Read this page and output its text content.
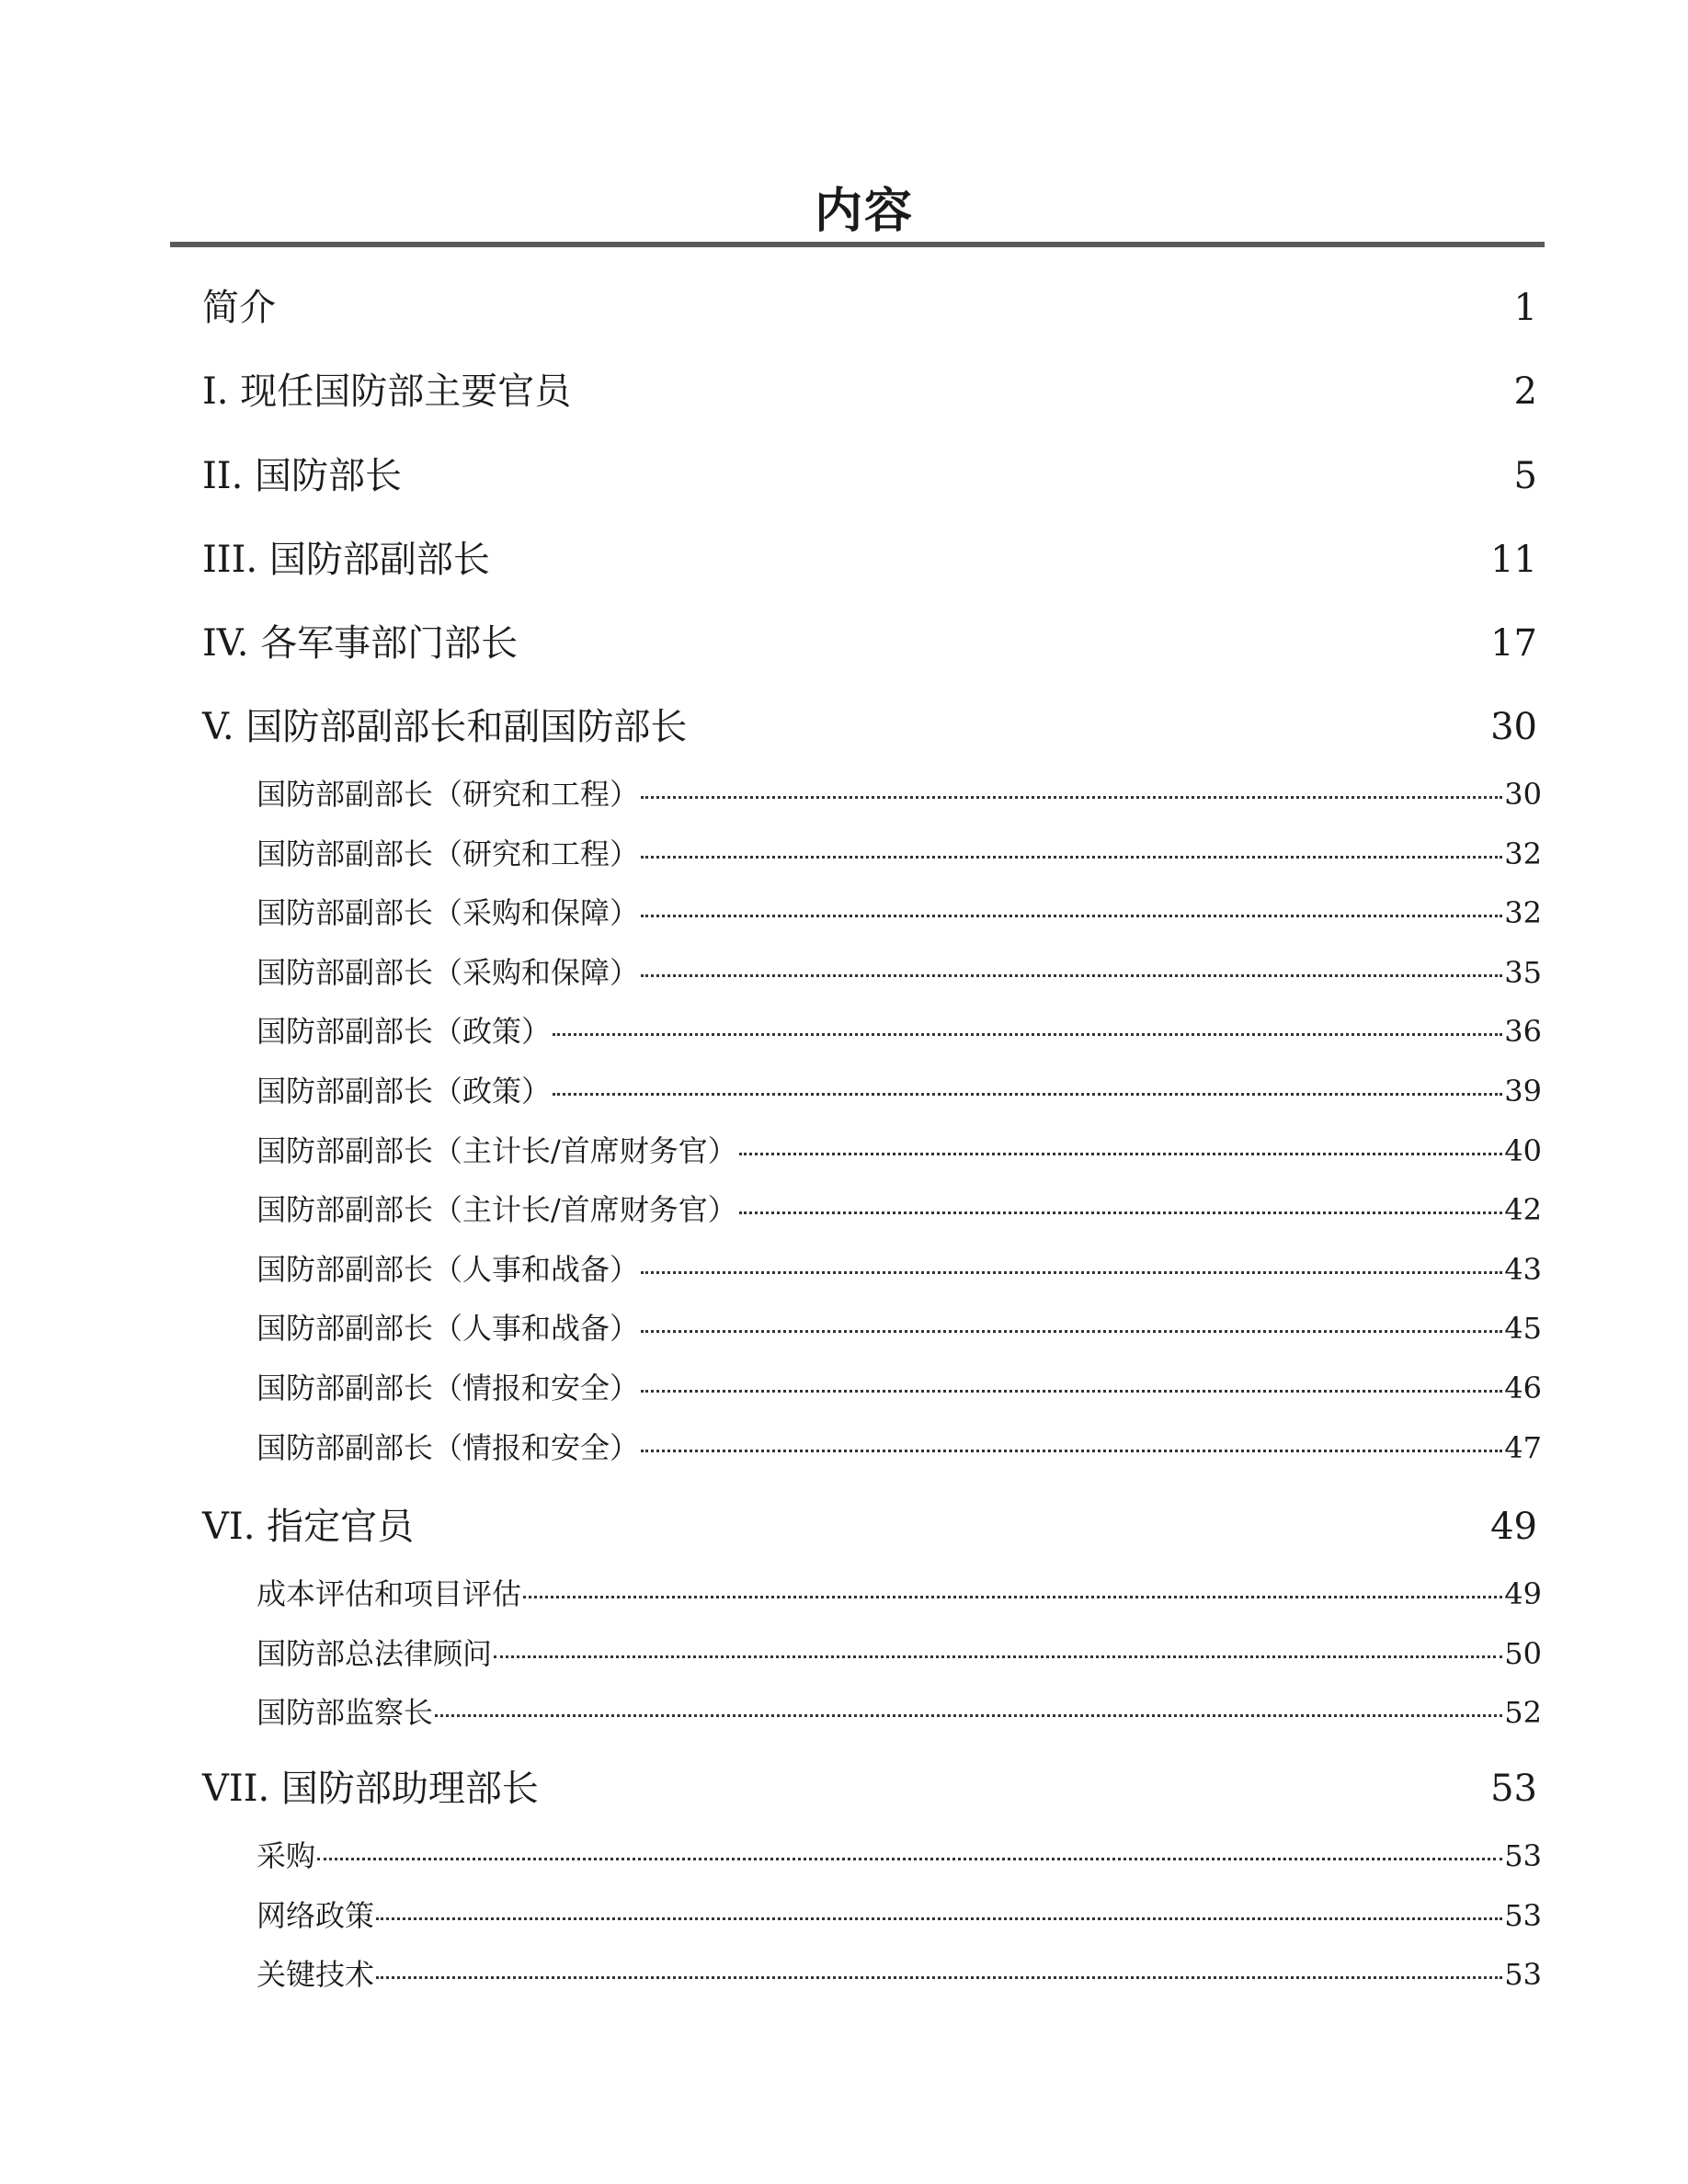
内容
简介	1
I. 现任国防部主要官员	2
II. 国防部长	5
III. 国防部副部长	11
IV. 各军事部门部长	17
V. 国防部副部长和副国防部长	30
国防部副部长（研究和工程）	30
国防部副部长（研究和工程）	32
国防部副部长（采购和保障）	32
国防部副部长（采购和保障）	35
国防部副部长（政策）	36
国防部副部长（政策）	39
国防部副部长（主计长/首席财务官）	40
国防部副部长（主计长/首席财务官）	42
国防部副部长（人事和战备）	43
国防部副部长（人事和战备）	45
国防部副部长（情报和安全）	46
国防部副部长（情报和安全）	47
VI. 指定官员	49
成本评估和项目评估	49
国防部总法律顾问	50
国防部监察长	52
VII. 国防部助理部长	53
采购	53
网络政策	53
关键技术	53
